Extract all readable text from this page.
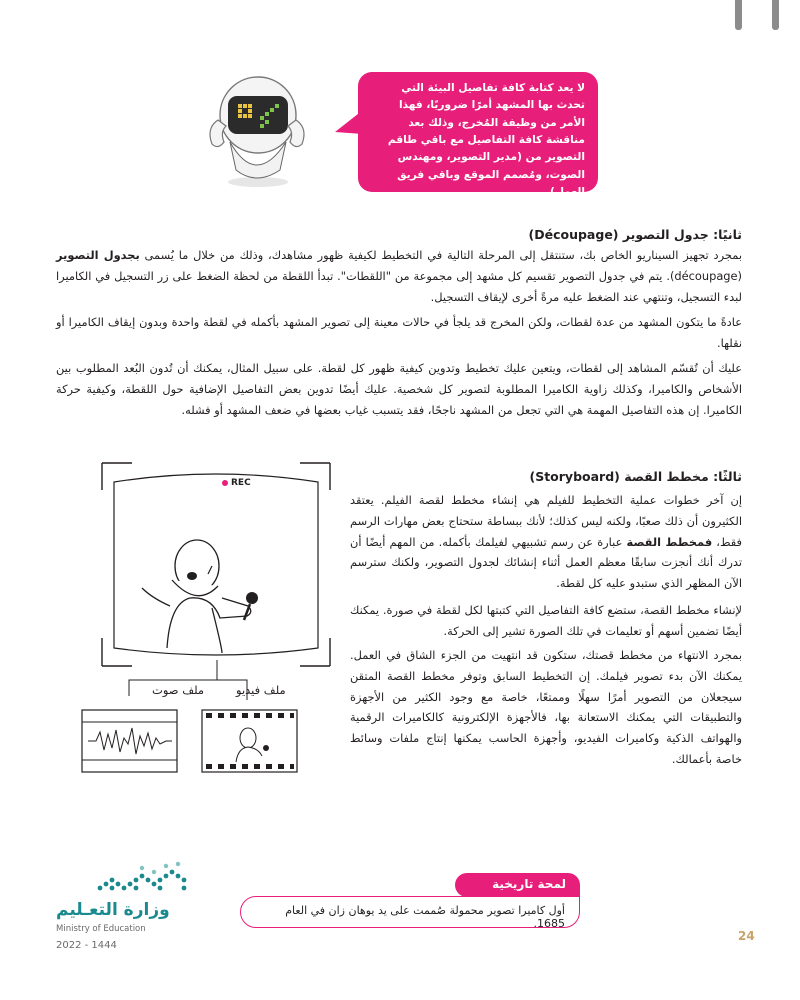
لا يعد كتابة كافة تفاصيل البيئة التي تحدث بها المشهد أمرًا ضروريًا، فهذا الأمر من وظيفة المُخرج، وذلك بعد مناقشة كافة التفاصيل مع باقي طاقم التصوير من (مدير التصوير، ومهندس الصوت، ومُصمم الموقع وباقي فريق العمل).
ثانيًا: جدول التصوير (Découpage)
بمجرد تجهيز السيناريو الخاص بك، ستنتقل إلى المرحلة التالية في التخطيط لكيفية ظهور مشاهدك، وذلك من خلال ما يُسمى بجدول التصوير (découpage). يتم في جدول التصوير تقسيم كل مشهد إلى مجموعة من "اللقطات". تبدأ اللقطة من لحظة الضغط على زر التسجيل في الكاميرا لبدء التسجيل، وتنتهي عند الضغط عليه مرةً أخرى لإيقاف التسجيل.
عادةً ما يتكون المشهد من عدة لقطات، ولكن المخرج قد يلجأ في حالات معينة إلى تصوير المشهد بأكمله في لقطة واحدة وبدون إيقاف الكاميرا أو نقلها.
عليك أن تُقسّم المشاهد إلى لقطات، ويتعين عليك تخطيط وتدوين كيفية ظهور كل لقطة. على سبيل المثال، يمكنك أن تُدون البُعد المطلوب بين الأشخاص والكاميرا، وكذلك زاوية الكاميرا المطلوبة لتصوير كل شخصية. عليك أيضًا تدوين بعض التفاصيل الإضافية حول اللقطة، وكيفية حركة الكاميرا. إن هذه التفاصيل المهمة هي التي تجعل من المشهد ناجحًا، فقد يتسبب غياب بعضها في ضعف المشهد أو فشله.
REC
ملف صوت	ملف فيديو
ثالثًا: مخطط القصة (Storyboard)
إن آخر خطوات عملية التخطيط للفيلم هي إنشاء مخطط لقصة الفيلم. يعتقد الكثيرون أن ذلك صعبًا، ولكنه ليس كذلك؛ لأنك ببساطة ستحتاج بعض مهارات الرسم فقط، فمخطط القصة عبارة عن رسم تشبيهي لفيلمك بأكمله. من المهم أيضًا أن تدرك أنك أنجزت سابقًا معظم العمل أثناء إنشائك لجدول التصوير، ولكنك سترسم الآن المظهر الذي ستبدو عليه كل لقطة.
لإنشاء مخطط القصة، ستضع كافة التفاصيل التي كتبتها لكل لقطة في صورة. يمكنك أيضًا تضمين أسهم أو تعليمات في تلك الصورة تشير إلى الحركة.
بمجرد الانتهاء من مخطط قصتك، ستكون قد انتهيت من الجزء الشاق في العمل. يمكنك الآن بدء تصوير فيلمك. إن التخطيط السابق وتوفر مخطط القصة المتقن سيجعلان من التصوير أمرًا سهلًا وممتعًا، خاصة مع وجود الكثير من الأجهزة والتطبيقات التي يمكنك الاستعانة بها، فالأجهزة الإلكترونية كالكاميرات الرقمية والهواتف الذكية وكاميرات الفيديو، وأجهزة الحاسب يمكنها إنتاج ملفات وسائط خاصة بأعمالك.
وزارة التعـليم
Ministry of Education
2022 - 1444
لمحة تاريخية
أول كاميرا تصوير محمولة صُممت على يد يوهان زان في العام 1685.
24
